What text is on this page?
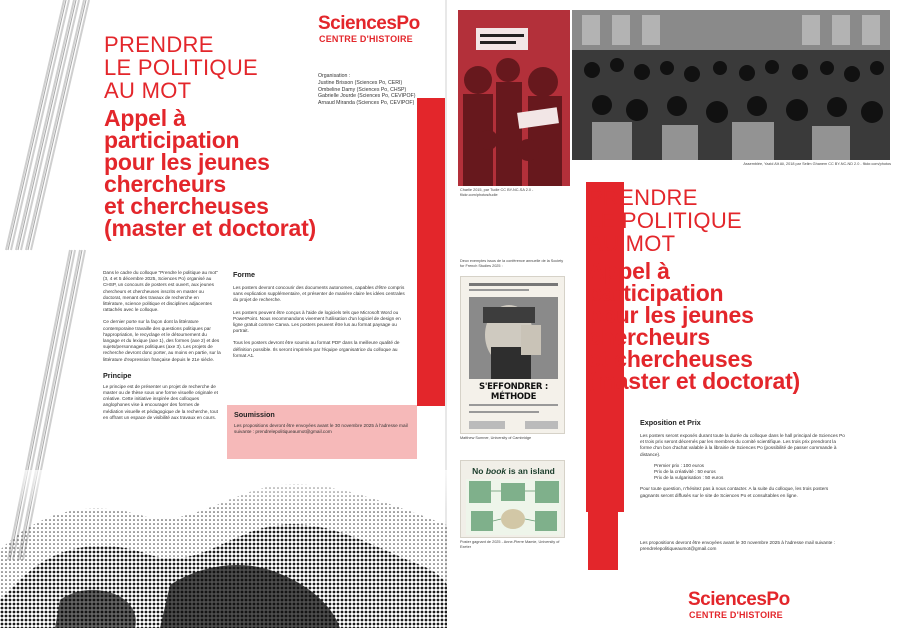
SciencesPo
CENTRE D'HISTOIRE
Organisation :
Justine Brisson (Sciences Po, CERI)
Ombeline Damy (Sciences Po, CHSP)
Gabrielle Jourde (Sciences Po, CEVIPOF)
Arnaud Miranda (Sciences Po, CEVIPOF)
PRENDRE
LE POLITIQUE
AU MOT
Appel à
participation
pour les jeunes
chercheurs
et chercheuses
(master et doctorat)

Dans le cadre du colloque "Prendre le politique au mot" (3, 4 et 5 décembre 2025, Sciences Po) organisé au CHSP, un concours de posters est ouvert, aux jeunes chercheurs et chercheuses inscrits en master ou doctorat, menant des travaux de recherche en littérature, science politique et disciplines adjacentes rattachés avec le colloque.

Ce dernier porte sur la façon dont la littérature contemporaine travaille des questions politiques par l'appropriation, le recyclage et le détournement du langage et du lexique (axe 1), des formes (axe 2) et des sujets/personnages politiques (axe 3). Les projets de recherche devront donc porter, au moins en partie, sur la littérature d'expression française depuis le 21e siècle.

Principe

Le principe est de présenter un projet de recherche de master ou de thèse sous une forme visuelle originale et créative. Cette initiative inspirée des colloques anglophones vise à encourager des formes de médiation visuelle et pédagogique de la recherche, tout en offrant un espace de visibilité aux travaux en cours.

Forme

Les posters devront concourir des documents autonomes, capables d'être compris sans explication supplémentaire, et présenter de manière claire les idées centrales du projet de recherche.

Les posters peuvent être conçus à l'aide de logiciels tels que Microsoft Word ou PowerPoint. Nous recommandons vivement l'utilisation d'un logiciel de design en ligne gratuit comme Canva. Les posters peuvent être lus au format paysage ou portrait.

Tous les posters devront être soumis au format PDF dans la meilleure qualité de définition possible. Ils seront imprimés par l'équipe organisatrice du colloque au format A1.

Soumission

Les propositions devront être envoyées avant le 30 novembre 2025 à l'adresse mail suivante : prendrelepolitiqueaumot@gmail.com

Charlie 2015, par Tudie CC BY-NC-SA 2.0 - flickr.com/photos/tudie
Assemblée, Yazid Aït Ali, 2018 par Selim Ghanem CC BY-NC-ND 2.0 - flickr.com/photos
PRENDRE
LE POLITIQUE
AU MOT
Appel à
participation
pour les jeunes
chercheurs
et chercheuses
(master et doctorat)
Deux exemples issus de la conférence annuelle de la Society for French Studies 2025 :
S'EFFONDRER : MÉTHODE
Matthew Sumner, University of Cambridge
No book is an island
Poster gagnant de 2025 - Anne-Pierre Mamie, University of Exeter
Exposition et Prix

Les posters seront exposés durant toute la durée du colloque dans le hall principal de Sciences Po et trois prix seront décernés par les membres du comité scientifique. Les trois prix prendront la forme d'un bon d'achat valable à la librairie de Sciences Po (possibilité de passer commande à distance).

Premier prix : 100 euros
Prix de la créativité : 50 euros
Prix de la vulgarisation : 50 euros

Pour toute question, n'hésitez pas à nous contacter. A la suite du colloque, les trois posters gagnants seront diffusés sur le site de Sciences Po et consultables en ligne.

Les propositions devront être envoyées avant le 30 novembre 2025 à l'adresse mail suivante : prendrelepolitiqueaumot@gmail.com

SciencesPo
CENTRE D'HISTOIRE
